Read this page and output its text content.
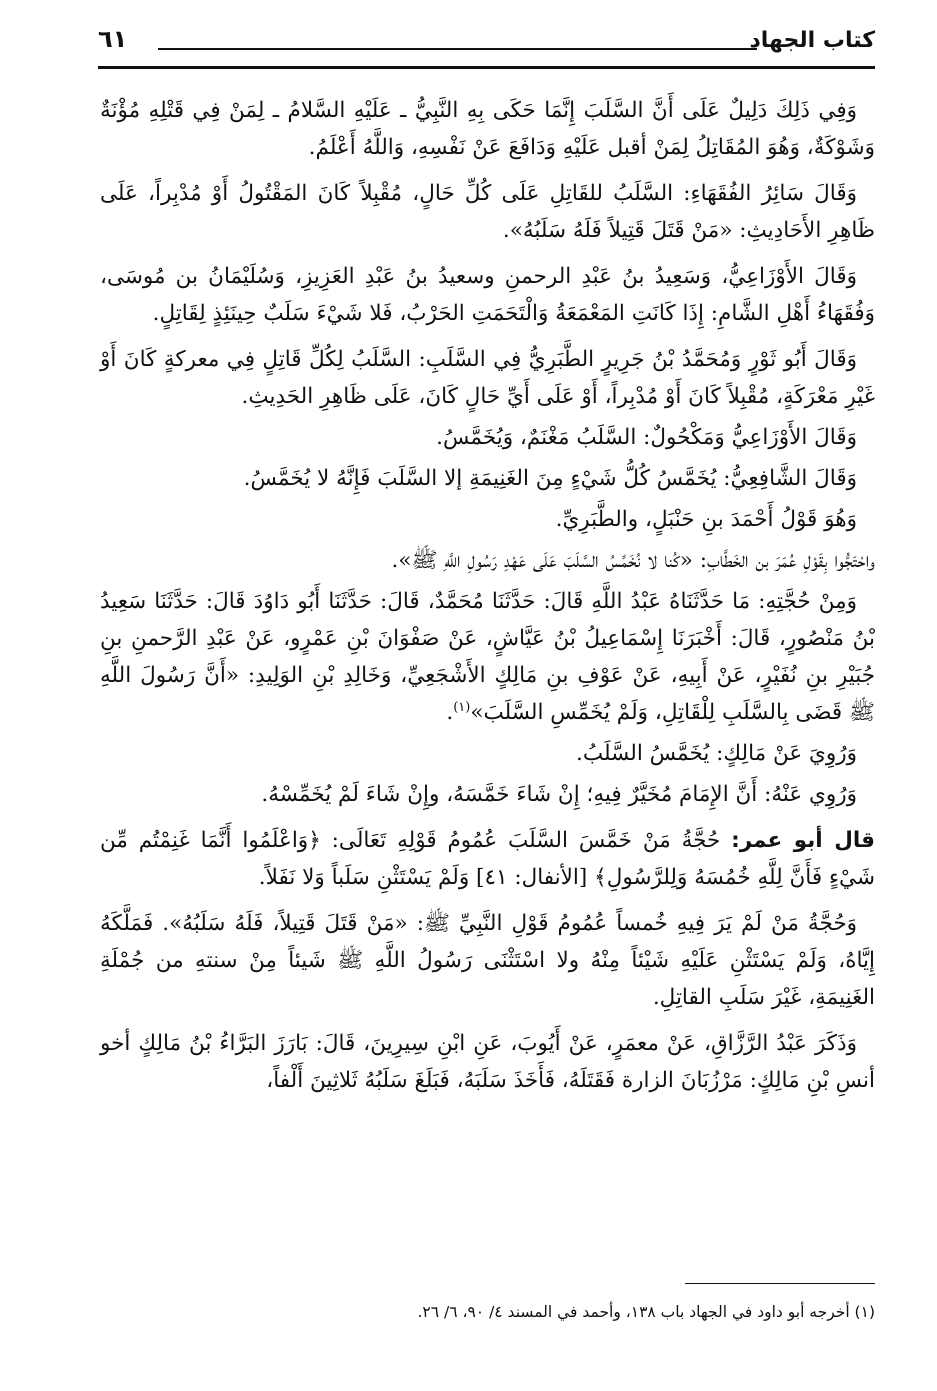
كتاب الجهاد
٦١

وَفِي ذَلِكَ دَلِيلٌ عَلَى أَنَّ السَّلَبَ إِنَّمَا حَكَى بِهِ النَّبِيُّ ـ عَلَيْهِ السَّلامُ ـ لِمَنْ فِي قَتْلِهِ مُؤْنَةٌ وَشَوْكَةٌ، وَهُوَ المُقَاتِلُ لِمَنْ أقبل عَلَيْهِ وَدَافَعَ عَنْ نَفْسِهِ، وَاللَّهُ أَعْلَمُ.

وَقَالَ سَائِرُ الفُقَهَاءِ: السَّلَبُ للقَاتِلِ عَلَى كُلِّ حَالٍ، مُقْبِلاً كَانَ المَقْتُولُ أَوْ مُدْبِراً، عَلَى ظَاهِرِ الأَحَادِيثِ: «مَنْ قَتَلَ قَتِيلاً فَلَهُ سَلَبُهُ».

وَقَالَ الأَوْزَاعِيُّ، وَسَعِيدُ بنُ عَبْدِ الرحمنِ وسعيدُ بنُ عَبْدِ العَزِيزِ، وَسُلَيْمَانُ بن مُوسَى، وَفُقَهَاءُ أَهْلِ الشَّامِ: إِذَا كَانَتِ المَعْمَعَةُ وَالْتَحَمَتِ الحَرْبُ، فَلا شَيْءَ سَلَبٌ حِينَئِذٍ لِقَاتِلٍ.

وَقَالَ أَبُو ثَوْرٍ وَمُحَمَّدُ بْنُ جَرِيرٍ الطَّبَرِيُّ فِي السَّلَبِ: السَّلَبُ لِكُلِّ قَاتِلٍ فِي معركةٍ كَانَ أَوْ غَيْرِ مَعْرَكَةٍ، مُقْبِلاً كَانَ أَوْ مُدْبِراً، أَوْ عَلَى أَيِّ حَالٍ كَانَ، عَلَى ظَاهِرِ الحَدِيثِ.

وَقَالَ الأَوْزَاعِيُّ وَمَكْحُولٌ: السَّلَبُ مَغْنَمٌ، وَيُخَمَّسُ.

وَقَالَ الشَّافِعِيُّ: يُخَمَّسُ كُلُّ شَيْءٍ مِنَ الغَنِيمَةِ إلا السَّلَبَ فَإِنَّهُ لا يُخَمَّسُ.

وَهُوَ قَوْلُ أَحْمَدَ بنِ حَنْبَلٍ، والطَّبَرِيِّ.

واحْتَجُّوا بِقَوْلِ عُمَرَ بن الخَطَّابِ: «كُنا لا نُخَمِّسُ السَّلَبَ عَلَى عَهْدِ رَسُولِ اللَّهِ ﷺ».

وَمِنْ حُجَّتِهِ: مَا حَدَّثَنَاهُ عَبْدُ اللَّهِ قَالَ: حَدَّثَنَا مُحَمَّدٌ، قَالَ: حَدَّثَنَا أَبُو دَاوُدَ قَالَ: حَدَّثَنَا سَعِيدُ بْنُ مَنْصُورٍ، قَالَ: أَخْبَرَنَا إِسْمَاعِيلُ بْنُ عَيَّاشٍ، عَنْ صَفْوَانَ بْنِ عَمْرٍو، عَنْ عَبْدِ الرَّحمنِ بنِ جُبَيْرِ بنِ نُفَيْرٍ، عَنْ أَبِيهِ، عَنْ عَوْفِ بنِ مَالِكٍ الأَشْجَعِيِّ، وَخَالِدِ بْنِ الوَلِيدِ: «أَنَّ رَسُولَ اللَّهِ ﷺ قَضَى بِالسَّلَبِ لِلْقَاتِلِ، وَلَمْ يُخَمِّسِ السَّلَبَ»$^{(١)}$.

وَرُوِيَ عَنْ مَالِكٍ: يُخَمَّسُ السَّلَبُ.

وَرُوِي عَنْهُ: أَنَّ الإِمَامَ مُخَيَّرٌ فِيهِ؛ إِنْ شَاءَ خَمَّسَهُ، وإِنْ شَاءَ لَمْ يُخَمِّسْهُ.

قال أبو عمر: حُجَّةُ مَنْ خَمَّسَ السَّلَبَ عُمُومُ قَوْلِهِ تَعَالَى: ﴿وَاعْلَمُوا أَنَّمَا غَنِمْتُم مِّن شَيْءٍ فَأَنَّ لِلَّهِ خُمُسَهُ وَلِلرَّسُولِ﴾ [الأنفال: ٤١] وَلَمْ يَسْتَثْنِ سَلَباً وَلا نَفَلاً.

وَحُجَّةُ مَنْ لَمْ يَرَ فِيهِ خُمساً عُمُومُ قَوْلِ النَّبِيِّ ﷺ: «مَنْ قَتَلَ قَتِيلاً، فَلَهُ سَلَبُهُ». فَمَلَّكَهُ إِيَّاهُ، وَلَمْ يَسْتَثْنِ عَلَيْهِ شَيْئاً مِنْهُ ولا اسْتَثْنَى رَسُولُ اللَّهِ ﷺ شَيئاً مِنْ سنتهِ من جُمْلَةِ الغَنِيمَةِ، غَيْرَ سَلَبِ القاتِلِ.

وَذَكَرَ عَبْدُ الرَّزَّاقِ، عَنْ معمَرٍ، عَنْ أَيُوبَ، عَنِ ابْنِ سِيرِينَ، قَالَ: بَارَزَ البَرَّاءُ بْنُ مَالِكٍ أخو أنسِ بْنِ مَالِكٍ: مَرْزُبَانَ الزارة فَقَتَلَهُ، فَأَخَذَ سَلَبَهُ، فَبَلَغَ سَلَبُهُ ثَلاثِينَ أَلْفاً،

(١) أخرجه أبو داود في الجهاد باب ١٣٨، وأحمد في المسند ٤/ ٩٠، ٦/ ٢٦.
